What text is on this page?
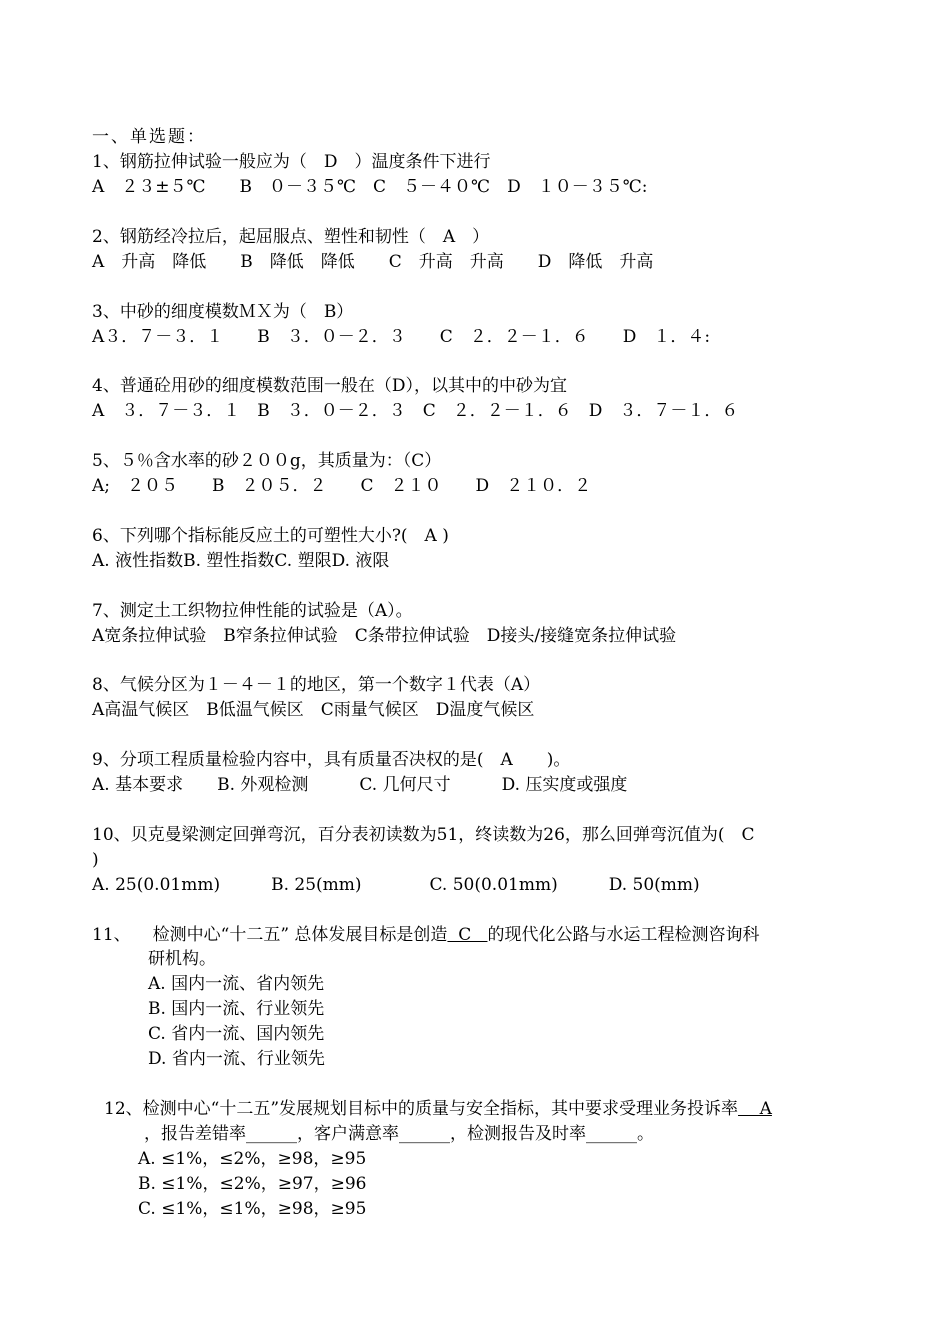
一、单选题：
1、钢筋拉伸试验一般应为（　D　）温度条件下进行
A　２３±５℃　　B　０－３５℃　C　５－４０℃　D　１０－３５℃:
2、钢筋经冷拉后，起屈服点、塑性和韧性（　A　）
A　升高　降低　　B　降低　降低　　C　升高　升高　　D　降低　升高
3、中砂的细度模数ＭＸ为（　B）
A３．７－３．１　　B　３．０－２．３　　C　２．２－１．６　　D　１．４:
4、普通砼用砂的细度模数范围一般在（D），以其中的中砂为宜
A　３．７－３．１　B　３．０－２．３　C　２．２－１．６　D　３．７－１．６
5、５％含水率的砂２００g，其质量为：（C）
A;　２０５　　B　２０５．２　　C　２１０　　D　２１０．２
6、下列哪个指标能反应土的可塑性大小?(　A )
A. 液性指数B. 塑性指数C. 塑限D. 液限
7、测定土工织物拉伸性能的试验是（A）。
A宽条拉伸试验　B窄条拉伸试验　C条带拉伸试验　D接头/接缝宽条拉伸试验
8、气候分区为１－４－１的地区，第一个数字１代表（A）
A高温气候区　B低温气候区　C雨量气候区　D温度气候区
9、分项工程质量检验内容中，具有质量否决权的是(　A　　)。
A. 基本要求　　B. 外观检测　　　C. 几何尺寸　　　D. 压实度或强度
10、贝克曼梁测定回弹弯沉，百分表初读数为51，终读数为26，那么回弹弯沉值为(　C
)
A. 25(0.01mm)　　　B. 25(mm)　　　　C. 50(0.01mm)　　　D. 50(mm)
11、 检测中心“十二五” 总体发展目标是创造  C   的现代化公路与水运工程检测咨询科
研机构。
A. 国内一流、省内领先
B. 国内一流、行业领先
C. 省内一流、国内领先
D. 省内一流、行业领先
12、检测中心“十二五”发展规划目标中的质量与安全指标，其中要求受理业务投诉率    A
，报告差错率______，客户满意率______，检测报告及时率______。
A. ≤1%，≤2%，≥98，≥95
B. ≤1%，≤2%，≥97，≥96
C. ≤1%，≤1%，≥98，≥95
